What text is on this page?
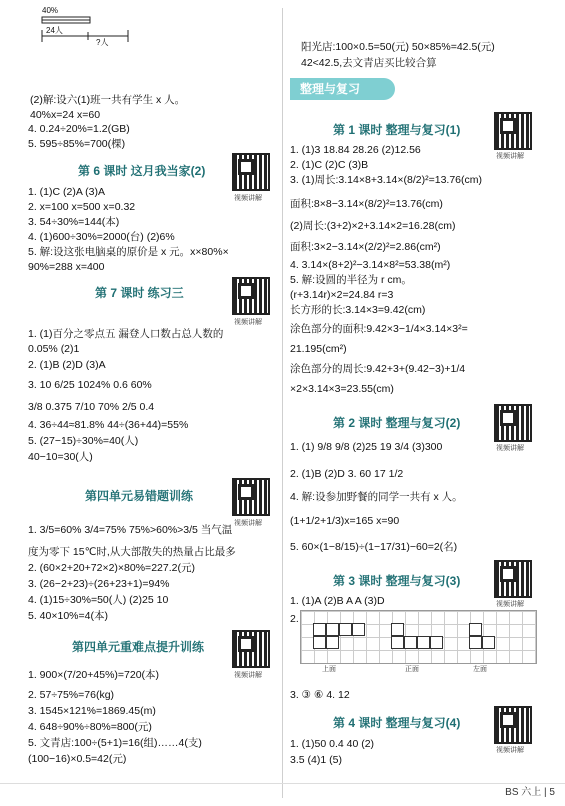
40%
24人
?人
(2)解:设六(1)班一共有学生 x 人。
40%x=24 x=60
4. 0.24÷20%=1.2(GB)
5. 595÷85%=700(棵)
第 6 课时 这月我当家(2)
视频讲解
1. (1)C (2)A (3)A
2. x=100 x=500 x=0.32
3. 54÷30%=144(本)
4. (1)600÷30%=2000(台) (2)6%
5. 解:设这张电脑桌的原价是 x 元。x×80%×
90%=288 x=400
第 7 课时 练习三
视频讲解
1. (1)百分之零点五 漏登人口数占总人数的
0.05% (2)1
2. (1)B (2)D (3)A
3. 10 6/25 1024% 0.6 60%
3/8 0.375 7/10 70% 2/5 0.4
4. 36÷44≈81.8% 44÷(36+44)=55%
5. (27−15)÷30%=40(人)
40−10=30(人)
第四单元易错题训练
视频讲解
1. 3/5=60% 3/4=75% 75%>60%>3/5 当气温
度为零下 15℃时,从大部散失的热量占比最多
2. (60×2+20+72×2)×80%=227.2(元)
3. (26−2+23)÷(26+23+1)=94%
4. (1)15÷30%=50(人) (2)25 10
5. 40×10%=4(本)
第四单元重难点提升训练
视频讲解
1. 900×(7/20+45%)=720(本)
2. 57÷75%=76(kg)
3. 1545×121%=1869.45(m)
4. 648÷90%÷80%=800(元)
5. 文青店:100÷(5+1)=16(组)……4(支)
(100−16)×0.5=42(元)
阳光店:100×0.5=50(元) 50×85%=42.5(元)
42<42.5,去文青店买比较合算
整理与复习
第 1 课时 整理与复习(1)
视频讲解
1. (1)3 18.84 28.26 (2)12.56
2. (1)C (2)C (3)B
3. (1)周长:3.14×8+3.14×(8/2)²=13.76(cm)
面积:8×8−3.14×(8/2)²=13.76(cm)
(2)周长:(3+2)×2+3.14×2=16.28(cm)
面积:3×2−3.14×(2/2)²=2.86(cm²)
4. 3.14×(8+2)²−3.14×8²=53.38(m²)
5. 解:设圆的半径为 r cm。
(r+3.14r)×2=24.84 r=3
长方形的长:3.14×3=9.42(cm)
涂色部分的面积:9.42×3−1/4×3.14×3²=
21.195(cm²)
涂色部分的周长:9.42+3+(9.42−3)+1/4
×2×3.14×3=23.55(cm)
第 2 课时 整理与复习(2)
视频讲解
1. (1) 9/8 9/8 (2)25 19 3/4 (3)300
2. (1)B (2)D 3. 60 17 1/2
4. 解:设参加野餐的同学一共有 x 人。
(1+1/2+1/3)x=165 x=90
5. 60×(1−8/15)÷(1−17/31)−60=2(名)
第 3 课时 整理与复习(3)
视频讲解
1. (1)A (2)B A A (3)D
2.
上面	正面	左面
3. ③ ⑥ 4. 12
第 4 课时 整理与复习(4)
视频讲解
1. (1)50 0.4 40 (2)
3.5 (4)1 (5)
BS 六上 | 5
